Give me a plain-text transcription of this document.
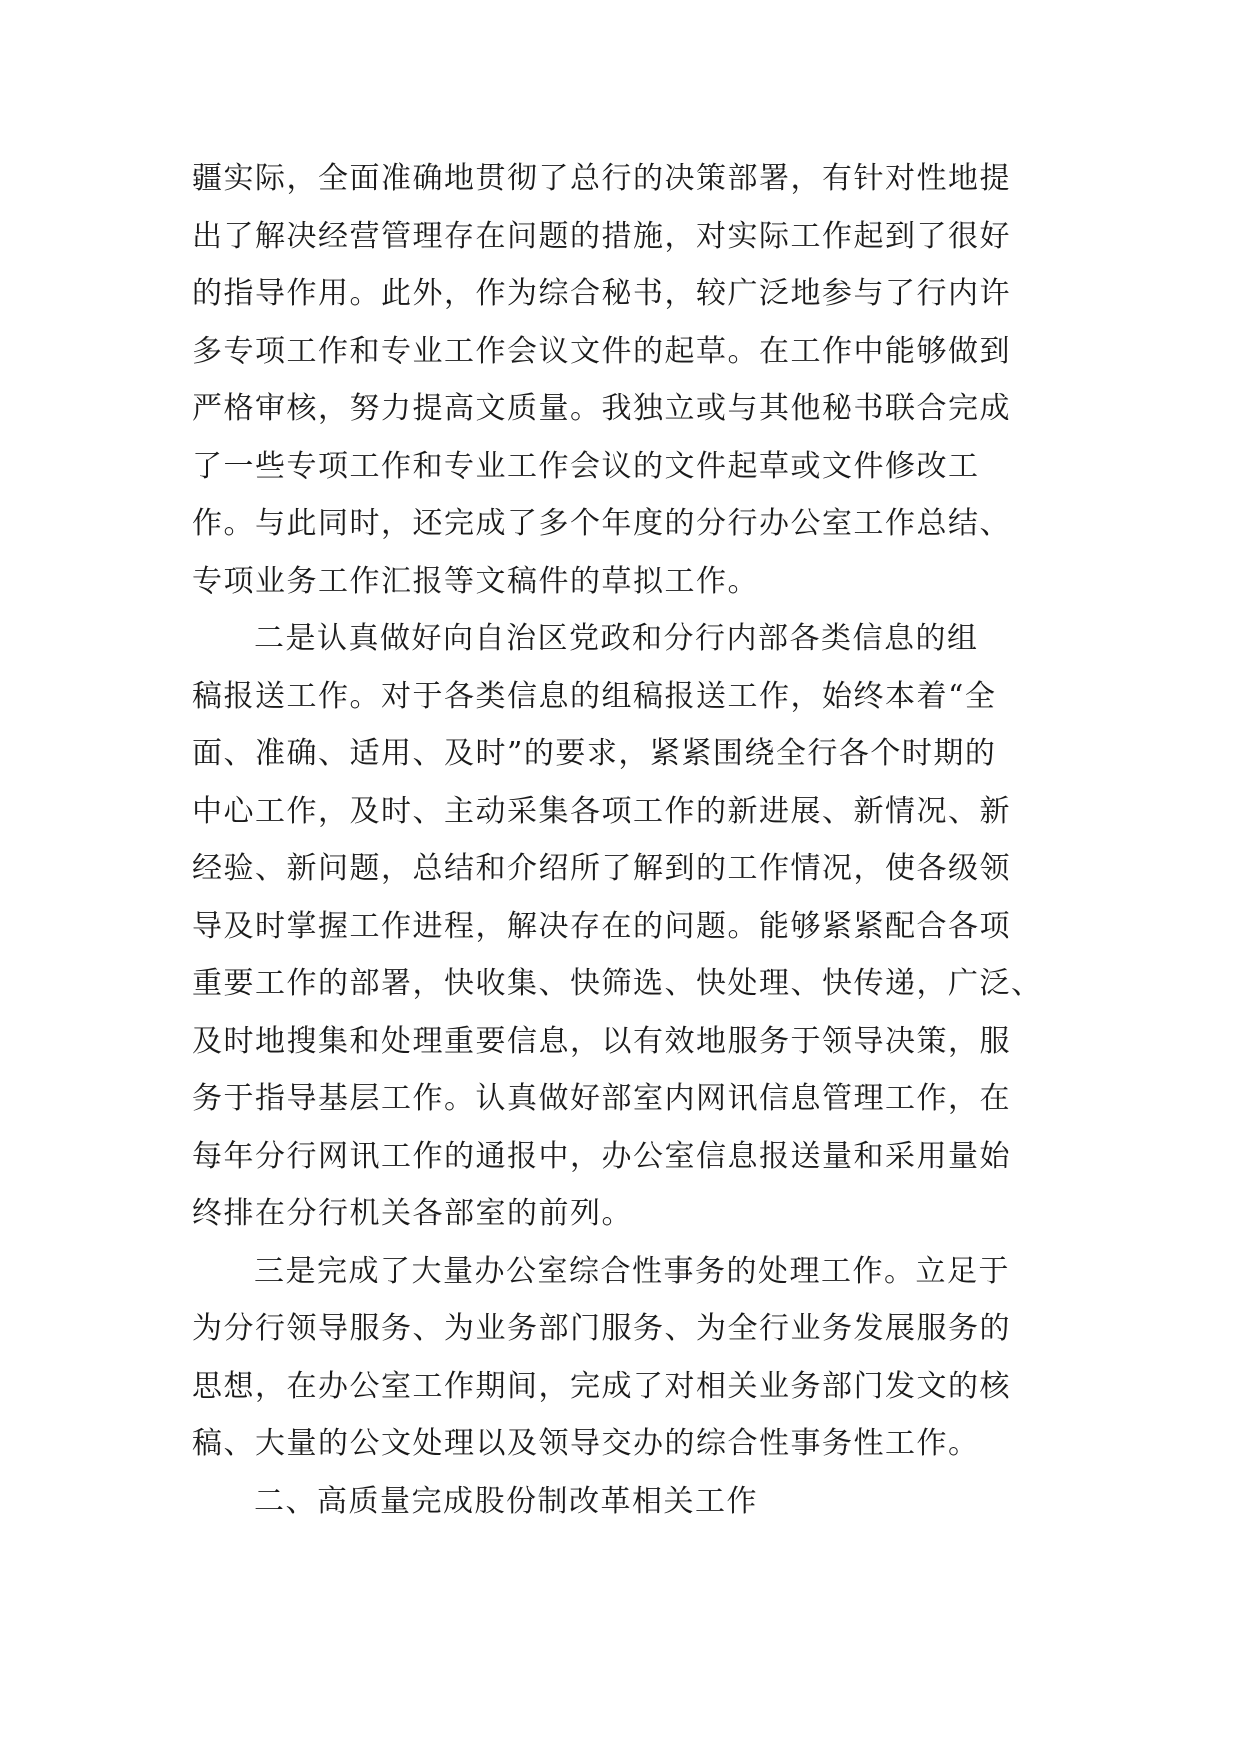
疆实际，全面准确地贯彻了总行的决策部署，有针对性地提
出了解决经营管理存在问题的措施，对实际工作起到了很好
的指导作用。此外，作为综合秘书，较广泛地参与了行内许
多专项工作和专业工作会议文件的起草。在工作中能够做到
严格审核，努力提高文质量。我独立或与其他秘书联合完成
了一些专项工作和专业工作会议的文件起草或文件修改工
作。与此同时，还完成了多个年度的分行办公室工作总结、
专项业务工作汇报等文稿件的草拟工作。
二是认真做好向自治区党政和分行内部各类信息的组
稿报送工作。对于各类信息的组稿报送工作，始终本着“全
面、准确、适用、及时”的要求，紧紧围绕全行各个时期的
中心工作，及时、主动采集各项工作的新进展、新情况、新
经验、新问题，总结和介绍所了解到的工作情况，使各级领
导及时掌握工作进程，解决存在的问题。能够紧紧配合各项
重要工作的部署，快收集、快筛选、快处理、快传递，广泛、
及时地搜集和处理重要信息，以有效地服务于领导决策，服
务于指导基层工作。认真做好部室内网讯信息管理工作，在
每年分行网讯工作的通报中，办公室信息报送量和采用量始
终排在分行机关各部室的前列。
三是完成了大量办公室综合性事务的处理工作。立足于
为分行领导服务、为业务部门服务、为全行业务发展服务的
思想，在办公室工作期间，完成了对相关业务部门发文的核
稿、大量的公文处理以及领导交办的综合性事务性工作。
二、高质量完成股份制改革相关工作
